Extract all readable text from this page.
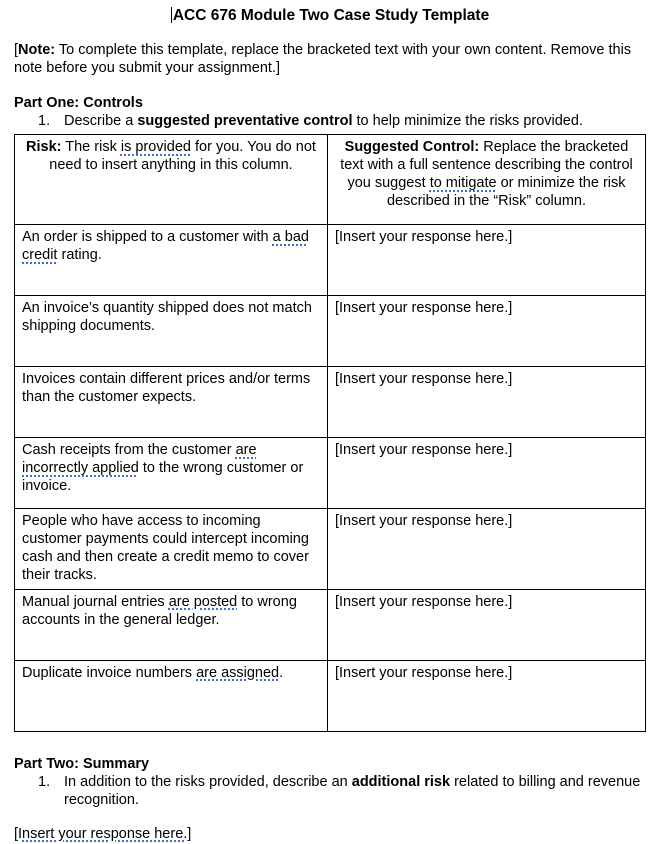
ACC 676 Module Two Case Study Template

[Note: To complete this template, replace the bracketed text with your own content. Remove this note before you submit your assignment.]

Part One: Controls

1. Describe a suggested preventative control to help minimize the risks provided.
Risk: The risk is provided for you. You do not need to insert anything in this column.	Suggested Control: Replace the bracketed text with a full sentence describing the control you suggest to mitigate or minimize the risk described in the “Risk” column.
An order is shipped to a customer with a bad credit rating.	[Insert your response here.]
An invoice’s quantity shipped does not match shipping documents.	[Insert your response here.]
Invoices contain different prices and/or terms than the customer expects.	[Insert your response here.]
Cash receipts from the customer are incorrectly applied to the wrong customer or invoice.	[Insert your response here.]
People who have access to incoming customer payments could intercept incoming cash and then create a credit memo to cover their tracks.	[Insert your response here.]
Manual journal entries are posted to wrong accounts in the general ledger.	[Insert your response here.]
Duplicate invoice numbers are assigned.	[Insert your response here.]

Part Two: Summary

1. In addition to the risks provided, describe an additional risk related to billing and revenue recognition.

[Insert your response here.]
